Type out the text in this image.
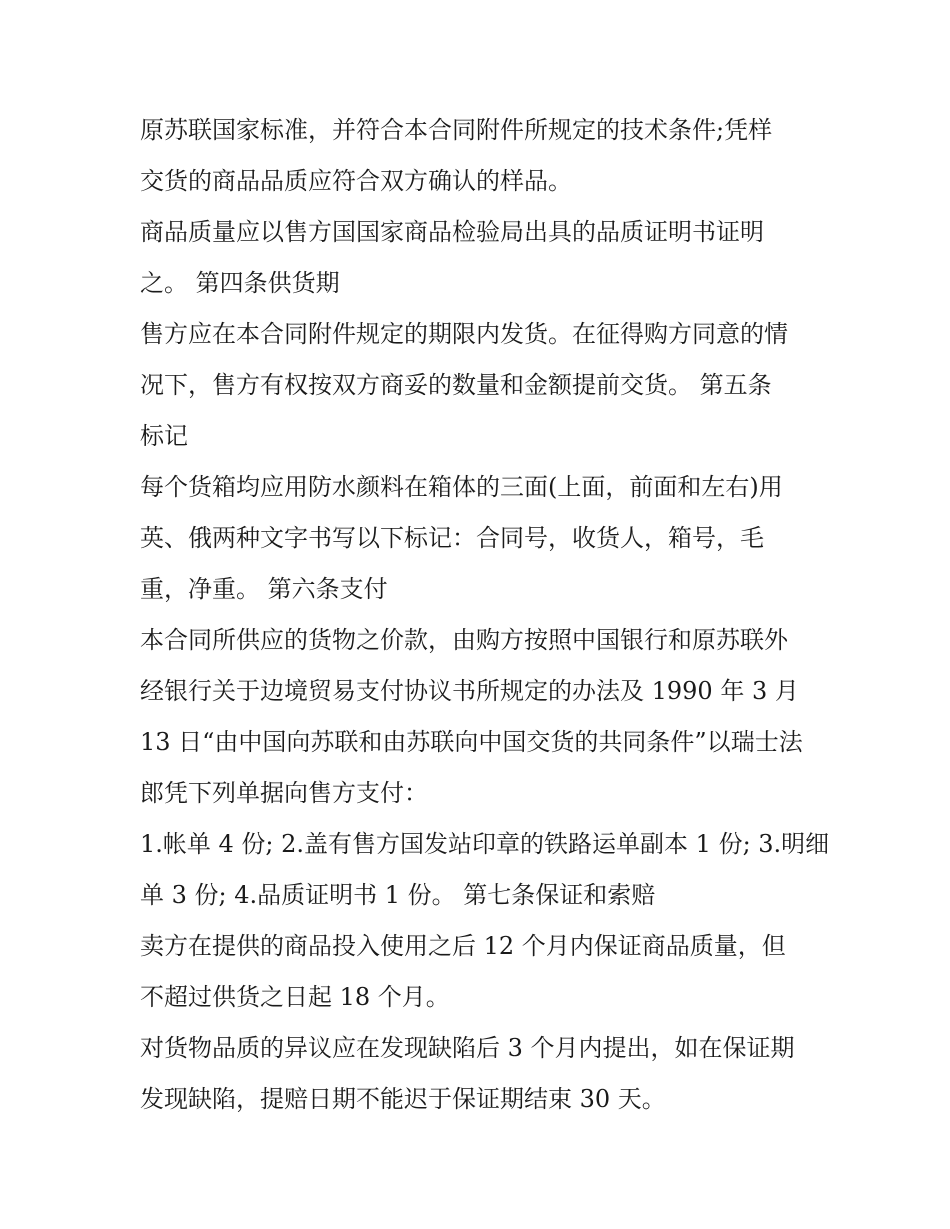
原苏联国家标准，并符合本合同附件所规定的技术条件;凭样
交货的商品品质应符合双方确认的样品。
商品质量应以售方国国家商品检验局出具的品质证明书证明
之。 第四条供货期
售方应在本合同附件规定的期限内发货。在征得购方同意的情
况下，售方有权按双方商妥的数量和金额提前交货。 第五条
标记
每个货箱均应用防水颜料在箱体的三面(上面，前面和左右)用
英、俄两种文字书写以下标记：合同号，收货人，箱号，毛
重，净重。 第六条支付
本合同所供应的货物之价款，由购方按照中国银行和原苏联外
经银行关于边境贸易支付协议书所规定的办法及 1990 年 3 月
13 日“由中国向苏联和由苏联向中国交货的共同条件”以瑞士法
郎凭下列单据向售方支付：
1.帐单 4 份; 2.盖有售方国发站印章的铁路运单副本 1 份; 3.明细
单 3 份; 4.品质证明书 1 份。 第七条保证和索赔
卖方在提供的商品投入使用之后 12 个月内保证商品质量，但
不超过供货之日起 18 个月。
对货物品质的异议应在发现缺陷后 3 个月内提出，如在保证期
发现缺陷，提赔日期不能迟于保证期结束 30 天。
